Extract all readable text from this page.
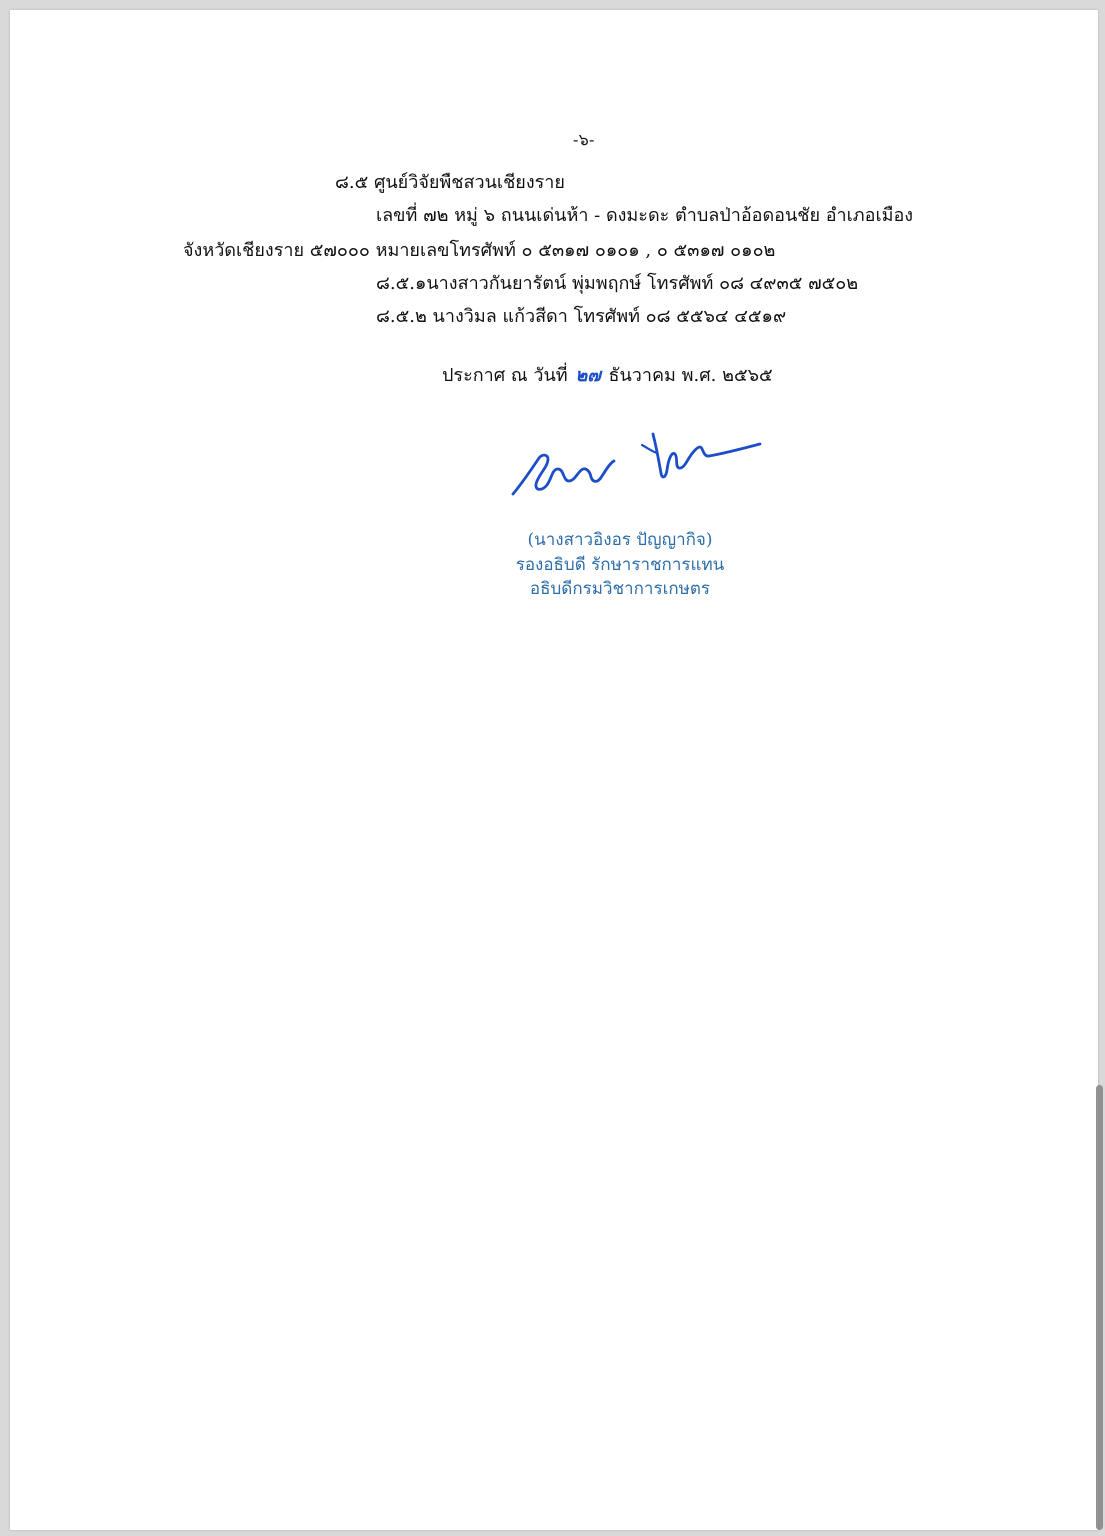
-๖-
๘.๕ ศูนย์วิจัยพืชสวนเชียงราย
เลขที่ ๗๒ หมู่ ๖ ถนนเด่นห้า - ดงมะดะ ตำบลป่าอ้อดอนชัย อำเภอเมือง
จังหวัดเชียงราย ๕๗๐๐๐ หมายเลขโทรศัพท์ ๐ ๕๓๑๗ ๐๑๐๑ , ๐ ๕๓๑๗ ๐๑๐๒
๘.๕.๑นางสาวกันยารัตน์ พุ่มพฤกษ์ โทรศัพท์ ๐๘ ๔๙๓๕ ๗๕๐๒
๘.๕.๒ นางวิมล แก้วสีดา โทรศัพท์ ๐๘ ๕๕๖๔ ๔๕๑๙
ประกาศ ณ วันที่ ๒๗ ธันวาคม พ.ศ. ๒๕๖๕
(นางสาวอิงอร ปัญญากิจ)
รองอธิบดี รักษาราชการแทน
อธิบดีกรมวิชาการเกษตร
